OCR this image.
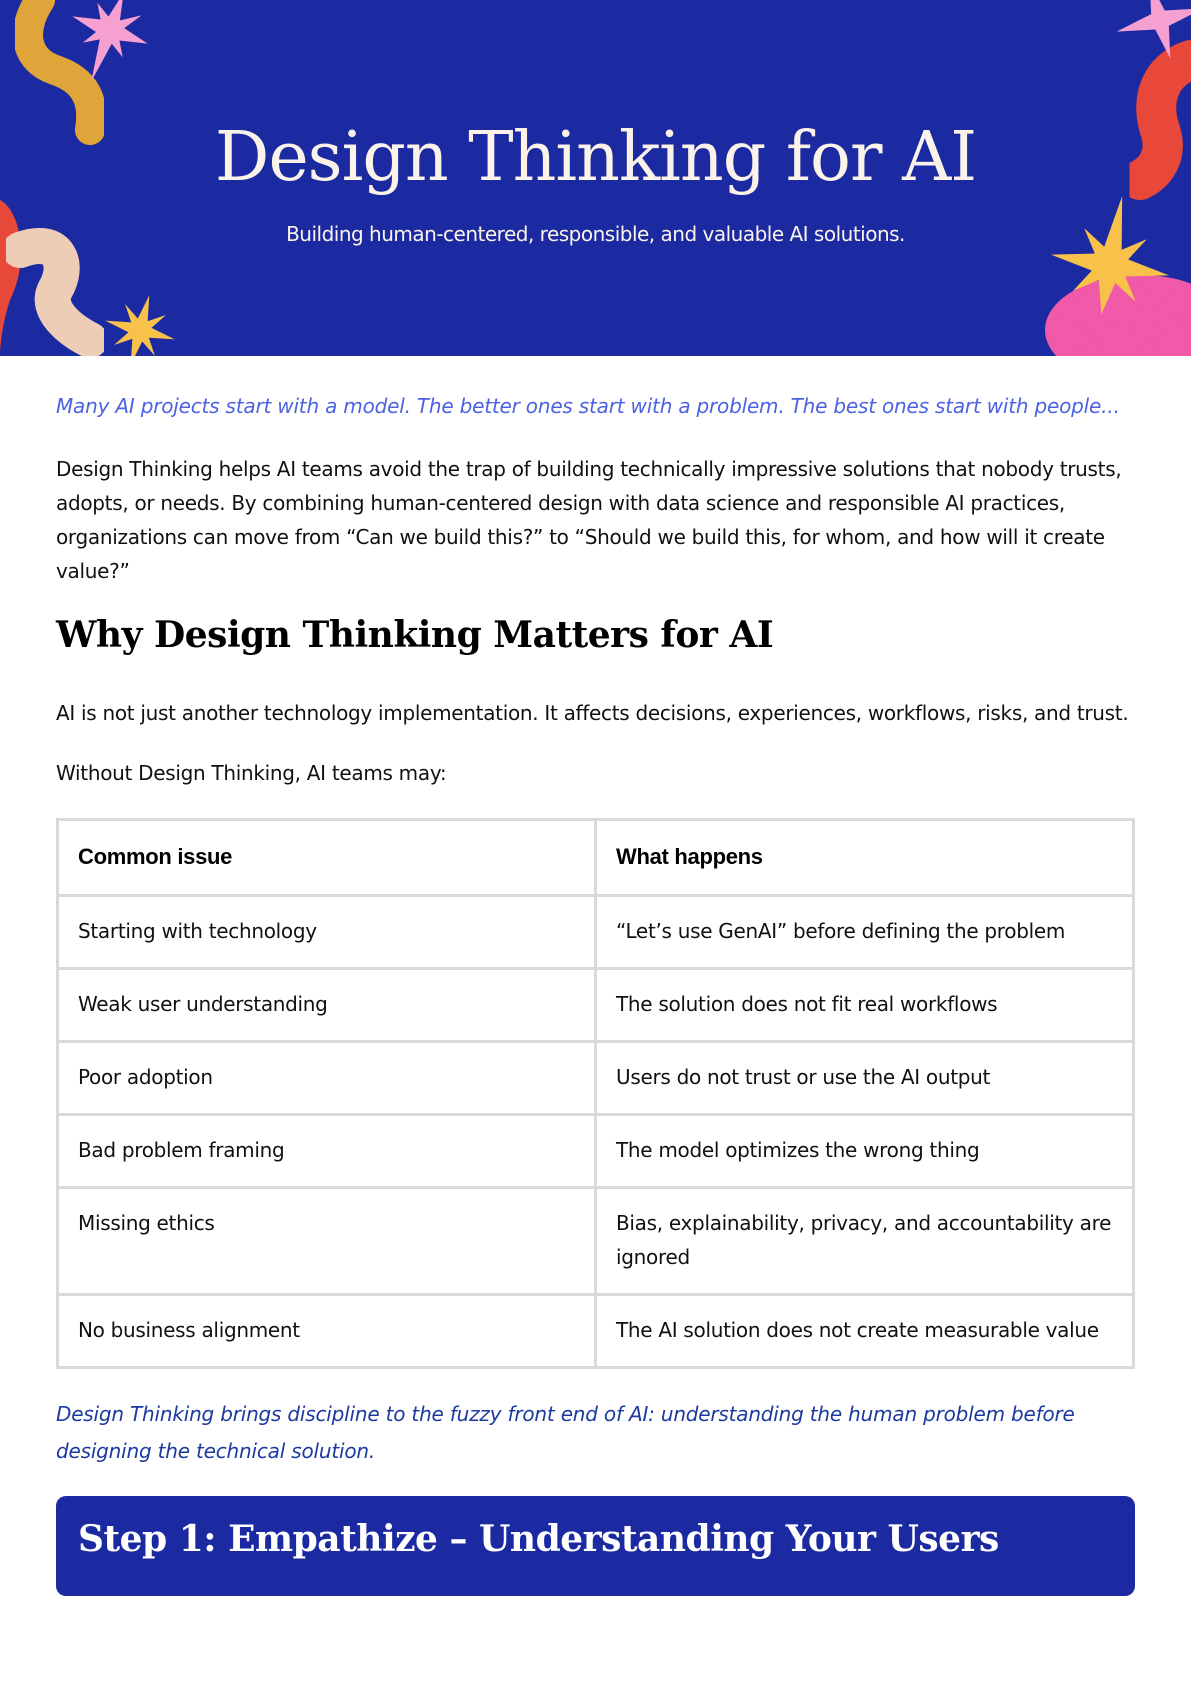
Design Thinking for AI

Building human-centered, responsible, and valuable AI solutions.

Many AI projects start with a model. The better ones start with a problem. The best ones start with people...

Design Thinking helps AI teams avoid the trap of building technically impressive solutions that nobody trusts, adopts, or needs. By combining human-centered design with data science and responsible AI practices, organizations can move from “Can we build this?” to “Should we build this, for whom, and how will it create value?”

Why Design Thinking Matters for AI

AI is not just another technology implementation. It affects decisions, experiences, workflows, risks, and trust.

Without Design Thinking, AI teams may:

Common issue	What happens
Starting with technology	“Let’s use GenAI” before defining the problem
Weak user understanding	The solution does not fit real workflows
Poor adoption	Users do not trust or use the AI output
Bad problem framing	The model optimizes the wrong thing
Missing ethics	Bias, explainability, privacy, and accountability are ignored
No business alignment	The AI solution does not create measurable value

Design Thinking brings discipline to the fuzzy front end of AI: understanding the human problem before designing the technical solution.

Step 1: Empathize – Understanding Your Users
